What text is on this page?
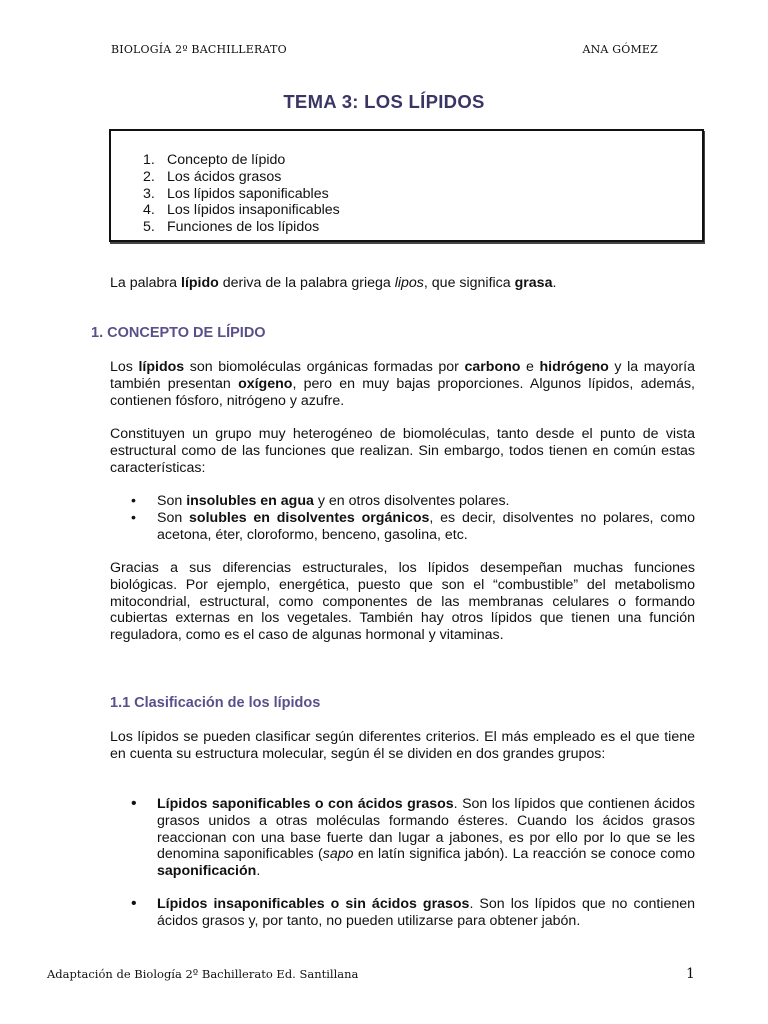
BIOLOGÍA 2º BACHILLERATO	ANA GÓMEZ
TEMA 3: LOS LÍPIDOS
1. Concepto de lípido
2. Los ácidos grasos
3. Los lípidos saponificables
4. Los lípidos insaponificables
5. Funciones de los lípidos
La palabra lípido deriva de la palabra griega lipos, que significa grasa.
1. CONCEPTO DE LÍPIDO
Los lípidos son biomoléculas orgánicas formadas por carbono e hidrógeno y la mayoría también presentan oxígeno, pero en muy bajas proporciones. Algunos lípidos, además, contienen fósforo, nitrógeno y azufre.
Constituyen un grupo muy heterogéneo de biomoléculas, tanto desde el punto de vista estructural como de las funciones que realizan. Sin embargo, todos tienen en común estas características:
• Son insolubles en agua y en otros disolventes polares.
• Son solubles en disolventes orgánicos, es decir, disolventes no polares, como acetona, éter, cloroformo, benceno, gasolina, etc.
Gracias a sus diferencias estructurales, los lípidos desempeñan muchas funciones biológicas. Por ejemplo, energética, puesto que son el “combustible” del metabolismo mitocondrial, estructural, como componentes de las membranas celulares o formando cubiertas externas en los vegetales. También hay otros lípidos que tienen una función reguladora, como es el caso de algunas hormonal y vitaminas.
1.1 Clasificación de los lípidos
Los lípidos se pueden clasificar según diferentes criterios. El más empleado es el que tiene en cuenta su estructura molecular, según él se dividen en dos grandes grupos:
• Lípidos saponificables o con ácidos grasos. Son los lípidos que contienen ácidos grasos unidos a otras moléculas formando ésteres. Cuando los ácidos grasos reaccionan con una base fuerte dan lugar a jabones, es por ello por lo que se les denomina saponificables (sapo en latín significa jabón). La reacción se conoce como saponificación.
• Lípidos insaponificables o sin ácidos grasos. Son los lípidos que no contienen ácidos grasos y, por tanto, no pueden utilizarse para obtener jabón.
Adaptación de Biología 2º Bachillerato Ed. Santillana	1
